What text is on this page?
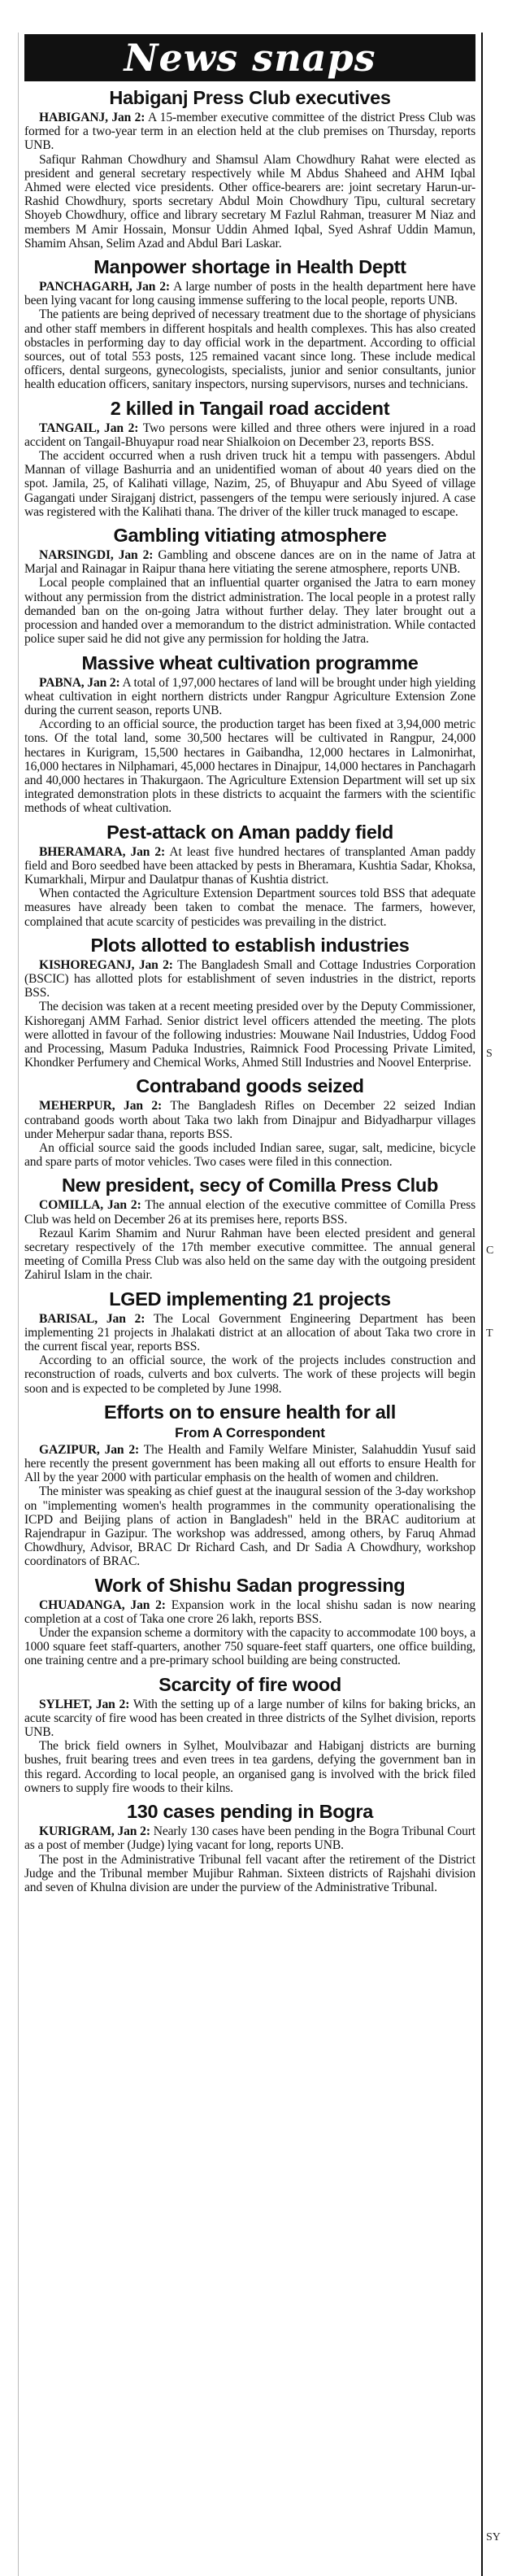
News snaps
Habiganj Press Club executives

HABIGANJ, Jan 2: A 15-member executive committee of the district Press Club was formed for a two-year term in an election held at the club premises on Thursday, reports UNB.

Safiqur Rahman Chowdhury and Shamsul Alam Chowdhury Rahat were elected as president and general secretary respectively while M Abdus Shaheed and AHM Iqbal Ahmed were elected vice presidents. Other office-bearers are: joint secretary Harun-ur-Rashid Chowdhury, sports secretary Abdul Moin Chowdhury Tipu, cultural secretary Shoyeb Chowdhury, office and library secretary M Fazlul Rahman, treasurer M Niaz and members M Amir Hossain, Monsur Uddin Ahmed Iqbal, Syed Ashraf Uddin Mamun, Shamim Ahsan, Selim Azad and Abdul Bari Laskar.

Manpower shortage in Health Deptt

PANCHAGARH, Jan 2: A large number of posts in the health department here have been lying vacant for long causing immense suffering to the local people, reports UNB.

The patients are being deprived of necessary treatment due to the shortage of physicians and other staff members in different hospitals and health complexes. This has also created obstacles in performing day to day official work in the department. According to official sources, out of total 553 posts, 125 remained vacant since long. These include medical officers, dental surgeons, gynecologists, specialists, junior and senior consultants, junior health education officers, sanitary inspectors, nursing supervisors, nurses and technicians.

2 killed in Tangail road accident

TANGAIL, Jan 2: Two persons were killed and three others were injured in a road accident on Tangail-Bhuyapur road near Shialkoion on December 23, reports BSS.

The accident occurred when a rush driven truck hit a tempu with passengers. Abdul Mannan of village Bashurria and an unidentified woman of about 40 years died on the spot. Jamila, 25, of Kalihati village, Nazim, 25, of Bhuyapur and Abu Syeed of village Gagangati under Sirajganj district, passengers of the tempu were seriously injured. A case was registered with the Kalihati thana. The driver of the killer truck managed to escape.

Gambling vitiating atmosphere

NARSINGDI, Jan 2: Gambling and obscene dances are on in the name of Jatra at Marjal and Rainagar in Raipur thana here vitiating the serene atmosphere, reports UNB.

Local people complained that an influential quarter organised the Jatra to earn money without any permission from the district administration. The local people in a protest rally demanded ban on the on-going Jatra without further delay. They later brought out a procession and handed over a memorandum to the district administration. While contacted police super said he did not give any permission for holding the Jatra.

Massive wheat cultivation programme

PABNA, Jan 2: A total of 1,97,000 hectares of land will be brought under high yielding wheat cultivation in eight northern districts under Rangpur Agriculture Extension Zone during the current season, reports UNB.

According to an official source, the production target has been fixed at 3,94,000 metric tons. Of the total land, some 30,500 hectares will be cultivated in Rangpur, 24,000 hectares in Kurigram, 15,500 hectares in Gaibandha, 12,000 hectares in Lalmonirhat, 16,000 hectares in Nilphamari, 45,000 hectares in Dinajpur, 14,000 hectares in Panchagarh and 40,000 hectares in Thakurgaon. The Agriculture Extension Department will set up six integrated demonstration plots in these districts to acquaint the farmers with the scientific methods of wheat cultivation.

Pest-attack on Aman paddy field

BHERAMARA, Jan 2: At least five hundred hectares of transplanted Aman paddy field and Boro seedbed have been attacked by pests in Bheramara, Kushtia Sadar, Khoksa, Kumarkhali, Mirpur and Daulatpur thanas of Kushtia district.

When contacted the Agriculture Extension Department sources told BSS that adequate measures have already been taken to combat the menace. The farmers, however, complained that acute scarcity of pesticides was prevailing in the district.

Plots allotted to establish industries

KISHOREGANJ, Jan 2: The Bangladesh Small and Cottage Industries Corporation (BSCIC) has allotted plots for establishment of seven industries in the district, reports BSS.

The decision was taken at a recent meeting presided over by the Deputy Commissioner, Kishoreganj AMM Farhad. Senior district level officers attended the meeting. The plots were allotted in favour of the following industries: Mouwane Nail Industries, Uddog Food and Processing, Masum Paduka Industries, Raimnick Food Processing Private Limited, Khondker Perfumery and Chemical Works, Ahmed Still Industries and Noovel Enterprise.

Contraband goods seized

MEHERPUR, Jan 2: The Bangladesh Rifles on December 22 seized Indian contraband goods worth about Taka two lakh from Dinajpur and Bidyadharpur villages under Meherpur sadar thana, reports BSS.

An official source said the goods included Indian saree, sugar, salt, medicine, bicycle and spare parts of motor vehicles. Two cases were filed in this connection.

New president, secy of Comilla Press Club

COMILLA, Jan 2: The annual election of the executive committee of Comilla Press Club was held on December 26 at its premises here, reports BSS.

Rezaul Karim Shamim and Nurur Rahman have been elected president and general secretary respectively of the 17th member executive committee. The annual general meeting of Comilla Press Club was also held on the same day with the outgoing president Zahirul Islam in the chair.

LGED implementing 21 projects

BARISAL, Jan 2: The Local Government Engineering Department has been implementing 21 projects in Jhalakati district at an allocation of about Taka two crore in the current fiscal year, reports BSS.

According to an official source, the work of the projects includes construction and reconstruction of roads, culverts and box culverts. The work of these projects will begin soon and is expected to be completed by June 1998.

Efforts on to ensure health for all
From A Correspondent

GAZIPUR, Jan 2: The Health and Family Welfare Minister, Salahuddin Yusuf said here recently the present government has been making all out efforts to ensure Health for All by the year 2000 with particular emphasis on the health of women and children.

The minister was speaking as chief guest at the inaugural session of the 3-day workshop on "implementing women's health programmes in the community operationalising the ICPD and Beijing plans of action in Bangladesh" held in the BRAC auditorium at Rajendrapur in Gazipur. The workshop was addressed, among others, by Faruq Ahmad Chowdhury, Advisor, BRAC Dr Richard Cash, and Dr Sadia A Chowdhury, workshop coordinators of BRAC.

Work of Shishu Sadan progressing

CHUADANGA, Jan 2: Expansion work in the local shishu sadan is now nearing completion at a cost of Taka one crore 26 lakh, reports BSS.

Under the expansion scheme a dormitory with the capacity to accommodate 100 boys, a 1000 square feet staff-quarters, another 750 square-feet staff quarters, one office building, one training centre and a pre-primary school building are being constructed.

Scarcity of fire wood

SYLHET, Jan 2: With the setting up of a large number of kilns for baking bricks, an acute scarcity of fire wood has been created in three districts of the Sylhet division, reports UNB.

The brick field owners in Sylhet, Moulvibazar and Habiganj districts are burning bushes, fruit bearing trees and even trees in tea gardens, defying the government ban in this regard. According to local people, an organised gang is involved with the brick filed owners to supply fire woods to their kilns.

130 cases pending in Bogra

KURIGRAM, Jan 2: Nearly 130 cases have been pending in the Bogra Tribunal Court as a post of member (Judge) lying vacant for long, reports UNB.

The post in the Administrative Tribunal fell vacant after the retirement of the District Judge and the Tribunal member Mujibur Rahman. Sixteen districts of Rajshahi division and seven of Khulna division are under the purview of the Administrative Tribunal.

S
C
T
SY
